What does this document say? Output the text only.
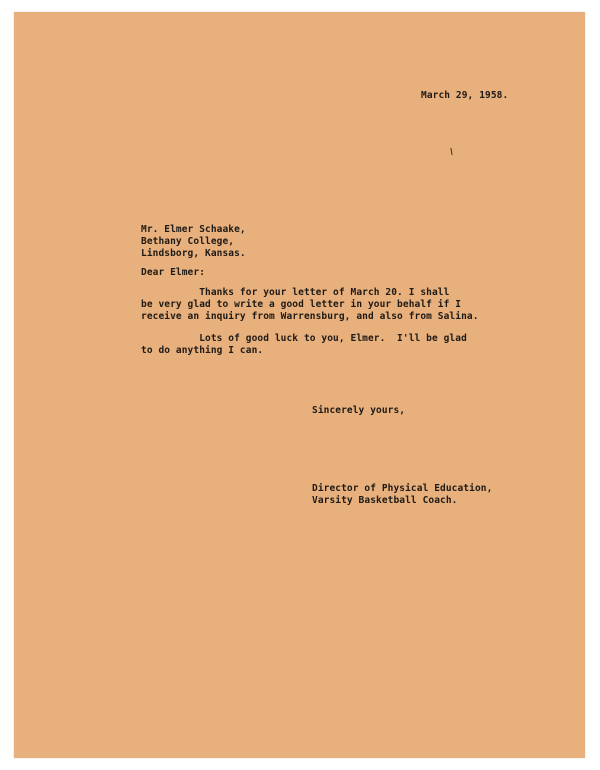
March 29, 1958.
Mr. Elmer Schaake,
Bethany College,
Lindsborg, Kansas.
Dear Elmer:
Thanks for your letter of March 20. I shall
be very glad to write a good letter in your behalf if I
receive an inquiry from Warrensburg, and also from Salina.
Lots of good luck to you, Elmer.  I'll be glad
to do anything I can.
Sincerely yours,
Director of Physical Education,
Varsity Basketball Coach.
